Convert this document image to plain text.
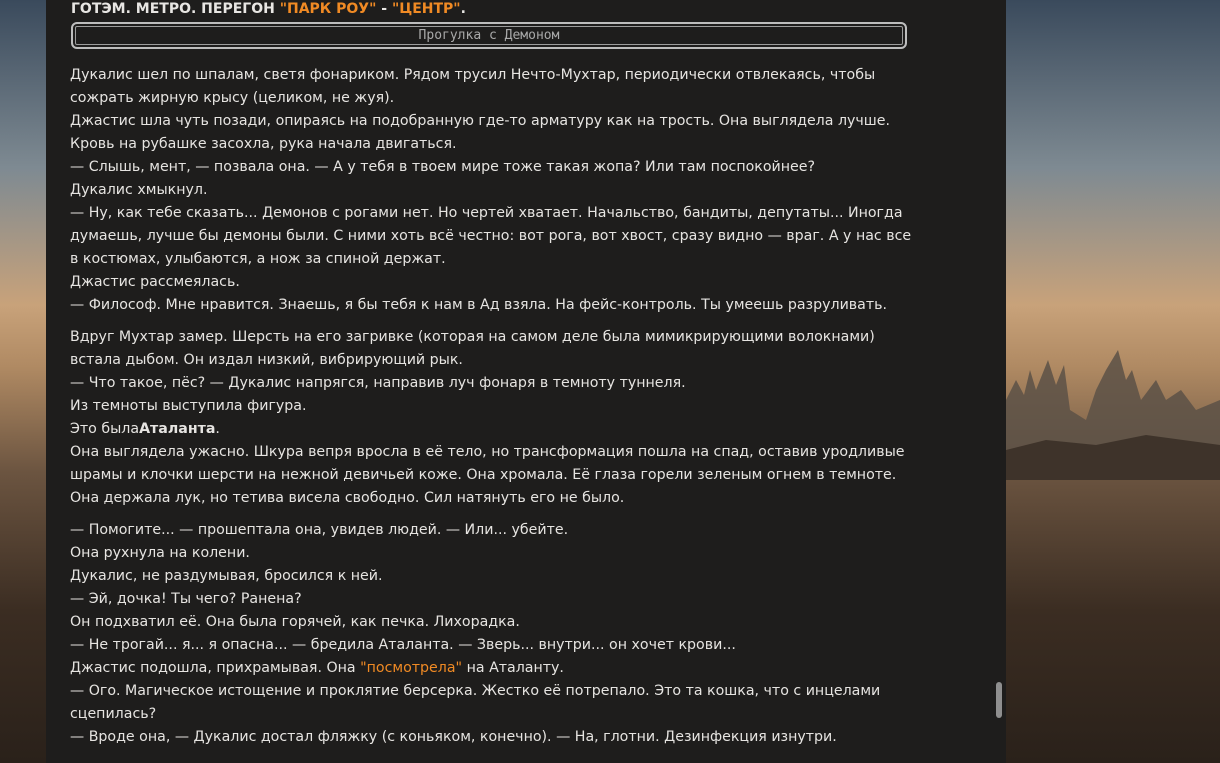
ГОТЭМ. МЕТРО. ПЕРЕГОН "ПАРК РОУ" - "ЦЕНТР".
Прогулка с Демоном

Дукалис шел по шпалам, светя фонариком. Рядом трусил Нечто-Мухтар, периодически отвлекаясь, чтобы сожрать жирную крысу (целиком, не жуя).

Джастис шла чуть позади, опираясь на подобранную где-то арматуру как на трость. Она выглядела лучше. Кровь на рубашке засохла, рука начала двигаться.

— Слышь, мент, — позвала она. — А у тебя в твоем мире тоже такая жопа? Или там поспокойнее?

Дукалис хмыкнул.

— Ну, как тебе сказать... Демонов с рогами нет. Но чертей хватает. Начальство, бандиты, депутаты... Иногда думаешь, лучше бы демоны были. С ними хоть всё честно: вот рога, вот хвост, сразу видно — враг. А у нас все в костюмах, улыбаются, а нож за спиной держат.

Джастис рассмеялась.

— Философ. Мне нравится. Знаешь, я бы тебя к нам в Ад взяла. На фейс-контроль. Ты умеешь разруливать.

Вдруг Мухтар замер. Шерсть на его загривке (которая на самом деле была мимикрирующими волокнами) встала дыбом. Он издал низкий, вибрирующий рык.

— Что такое, пёс? — Дукалис напрягся, направив луч фонаря в темноту туннеля.

Из темноты выступила фигура.

Это былаАталанта.

Она выглядела ужасно. Шкура вепря вросла в её тело, но трансформация пошла на спад, оставив уродливые шрамы и клочки шерсти на нежной девичьей коже. Она хромала. Её глаза горели зеленым огнем в темноте. Она держала лук, но тетива висела свободно. Сил натянуть его не было.

— Помогите... — прошептала она, увидев людей. — Или... убейте.

Она рухнула на колени.

Дукалис, не раздумывая, бросился к ней.

— Эй, дочка! Ты чего? Ранена?

Он подхватил её. Она была горячей, как печка. Лихорадка.

— Не трогай... я... я опасна... — бредила Аталанта. — Зверь... внутри... он хочет крови...

Джастис подошла, прихрамывая. Она "посмотрела" на Аталанту.

— Ого. Магическое истощение и проклятие берсерка. Жестко её потрепало. Это та кошка, что с инцелами сцепилась?

— Вроде она, — Дукалис достал фляжку (с коньяком, конечно). — На, глотни. Дезинфекция изнутри.
